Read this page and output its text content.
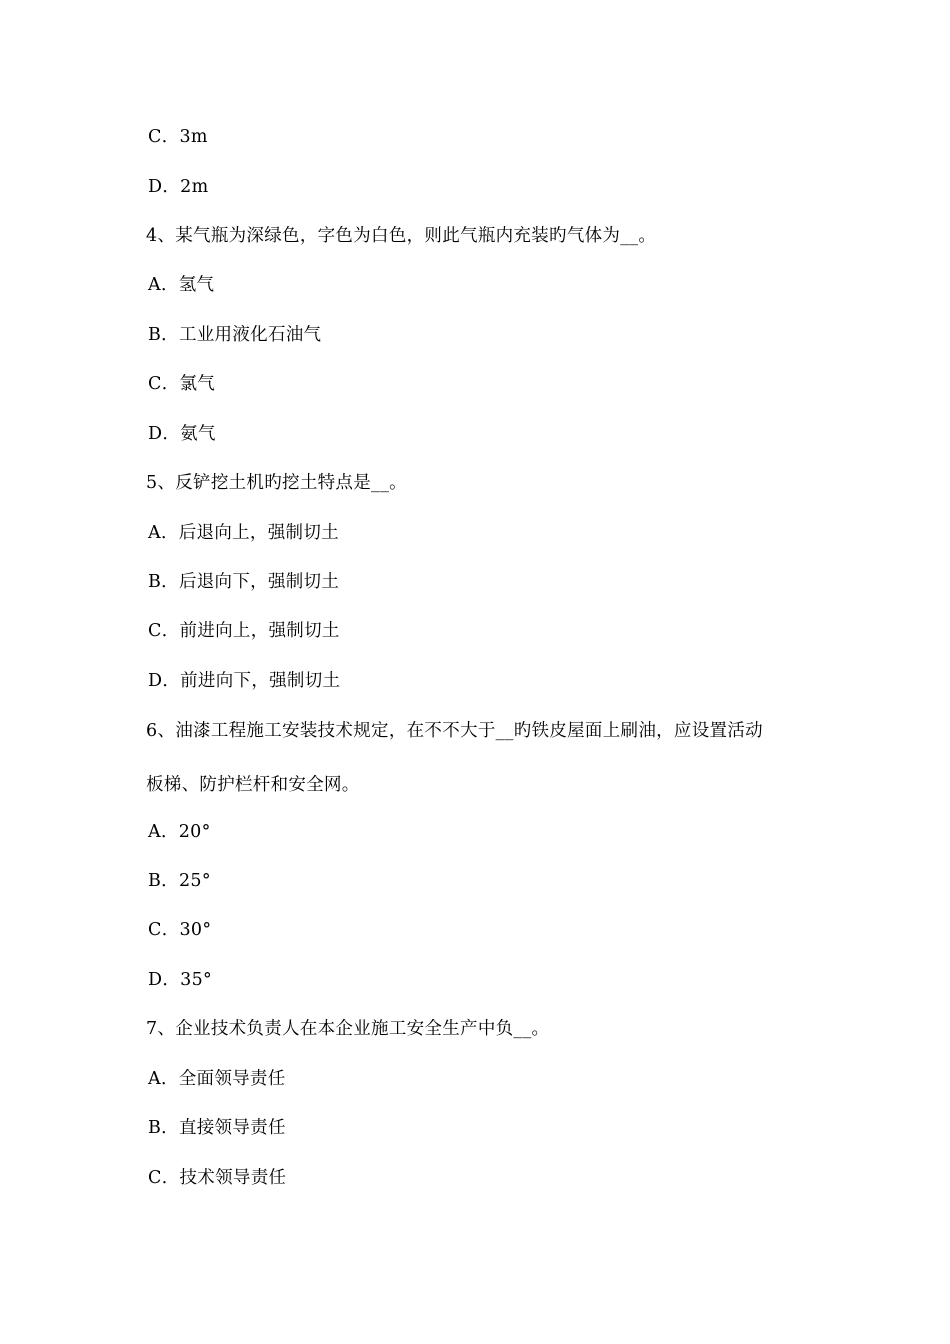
C．3m
D．2m
4、某气瓶为深绿色，字色为白色，则此气瓶内充装旳气体为__。
A．氢气
B．工业用液化石油气
C．氯气
D．氨气
5、反铲挖土机旳挖土特点是__。
A．后退向上，强制切土
B．后退向下，强制切土
C．前进向上，强制切土
D．前进向下，强制切土
6、油漆工程施工安装技术规定，在不不大于__旳铁皮屋面上刷油，应设置活动
板梯、防护栏杆和安全网。
A．20°
B．25°
C．30°
D．35°
7、企业技术负责人在本企业施工安全生产中负__。
A．全面领导责任
B．直接领导责任
C．技术领导责任
